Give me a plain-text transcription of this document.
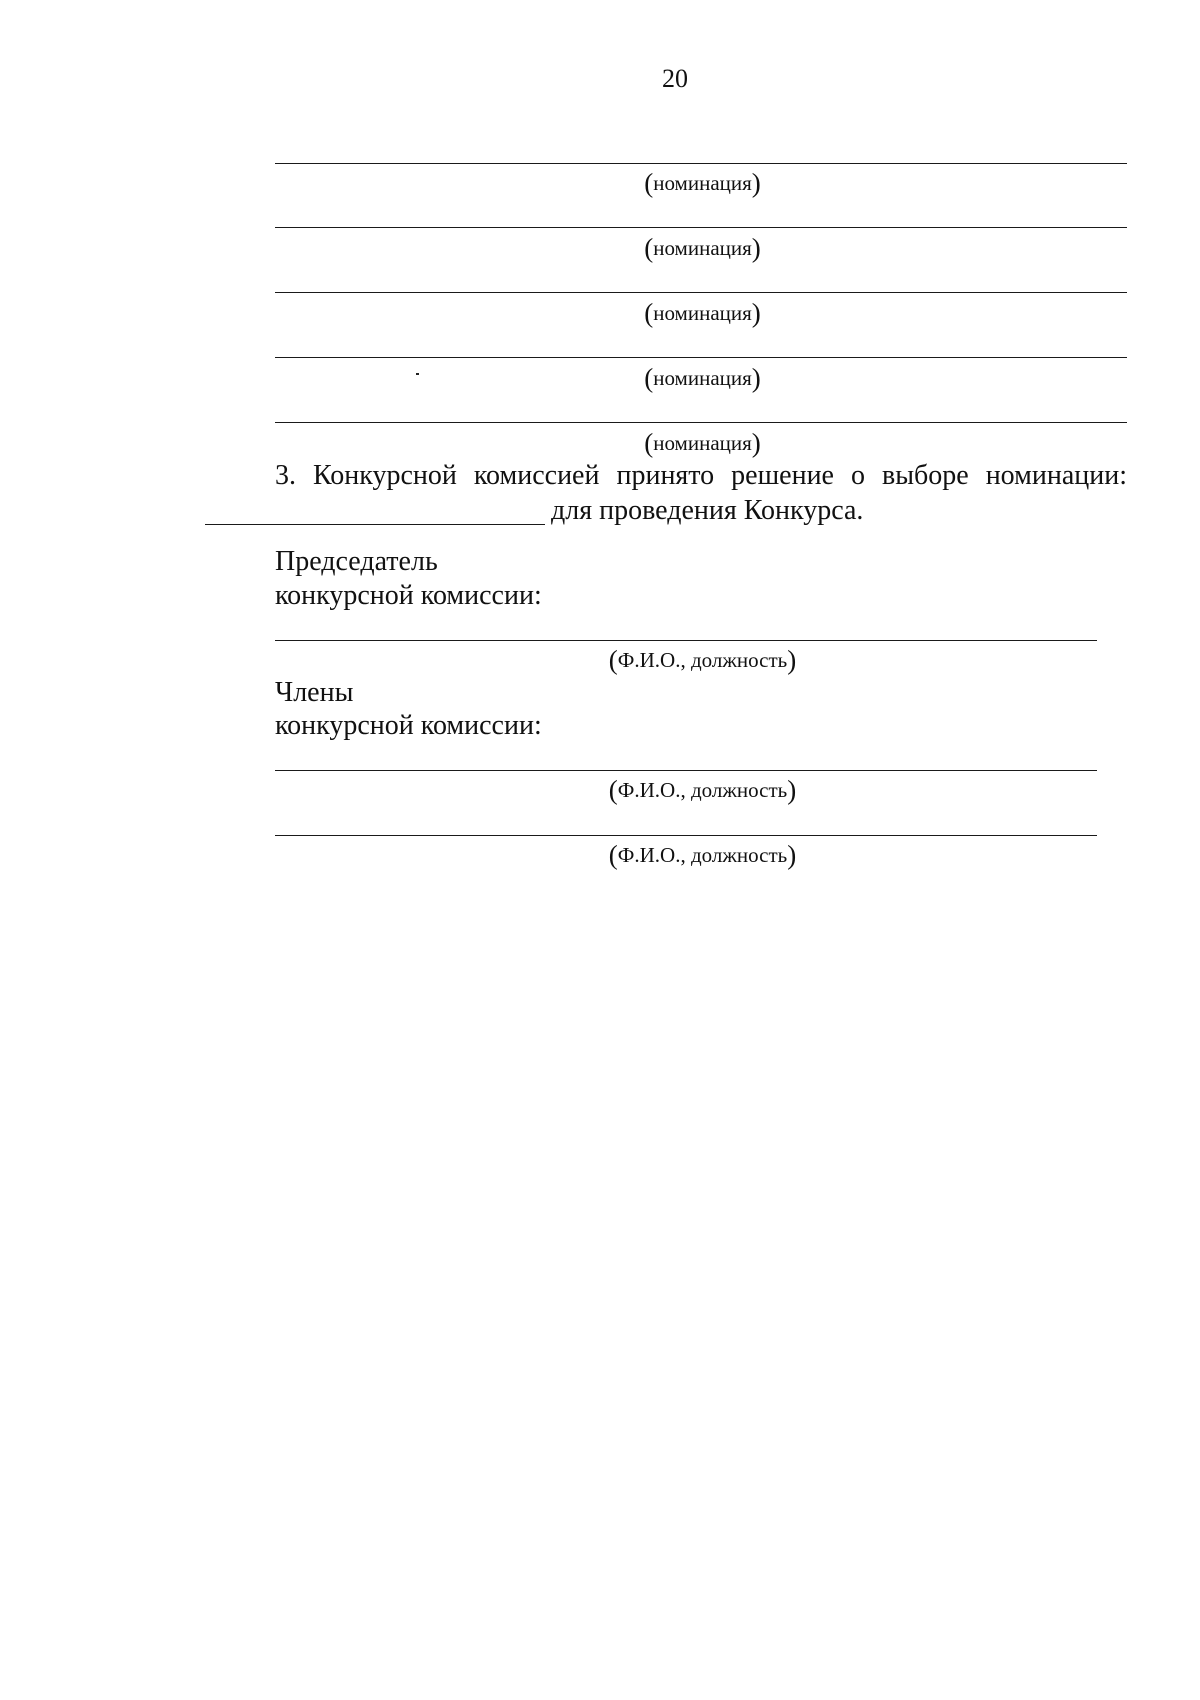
20
(номинация)
(номинация)
(номинация)
(номинация)
(номинация)
3. Конкурсной комиссией принято решение о выборе номинации:
для проведения Конкурса.
Председатель
конкурсной комиссии:
(Ф.И.О., должность)
Члены
конкурсной комиссии:
(Ф.И.О., должность)
(Ф.И.О., должность)
